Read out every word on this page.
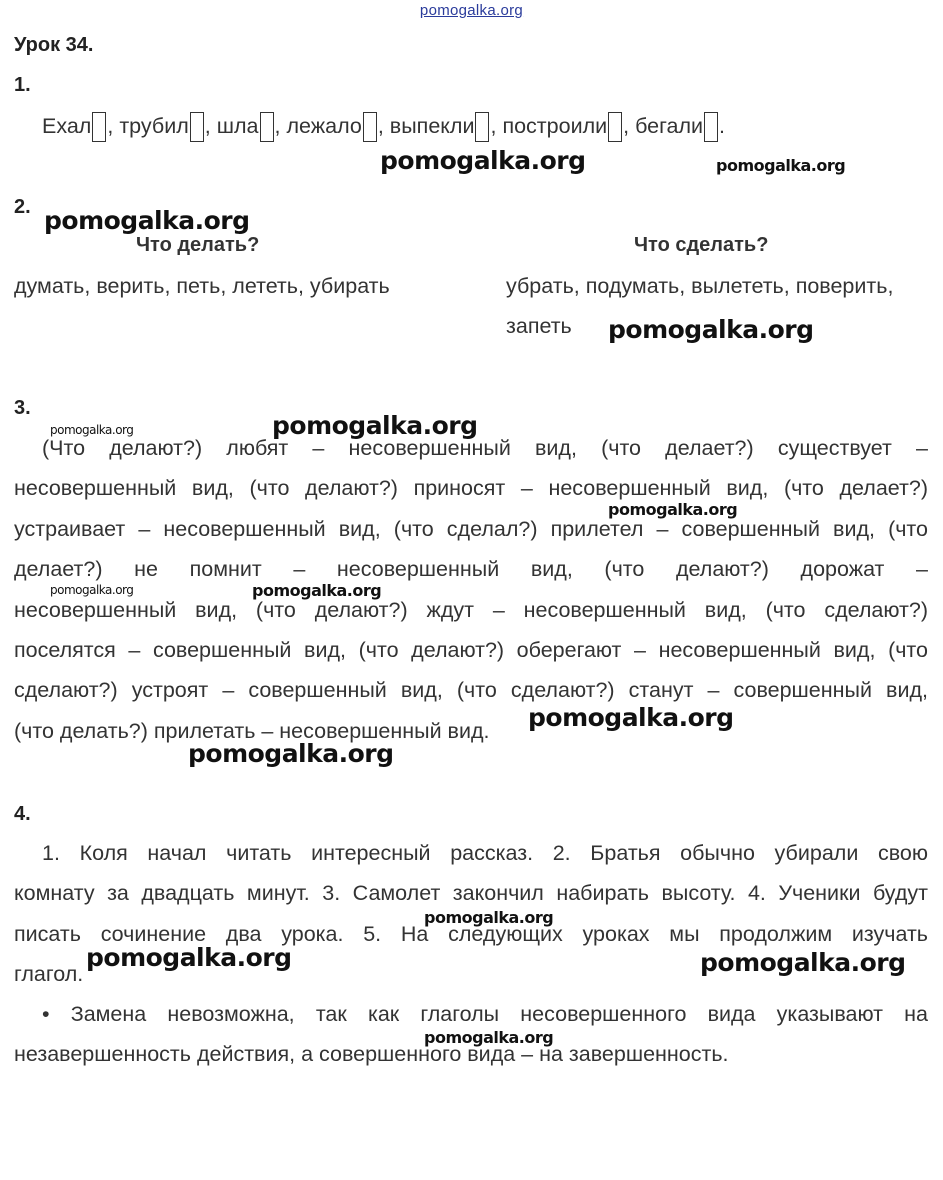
pomogalka.org
Урок 34.
1.
Ехал , трубил , шла , лежало , выпекли , построили , бегали .
2.
Что делать?	Что сделать?
думать, верить, петь, лететь, убирать	убрать, подумать, вылететь, поверить,
запеть
3.
(Что делают?) любят – несовершенный вид, (что делает?) существует –
несовершенный вид, (что делают?) приносят – несовершенный вид, (что делает?)
устраивает – несовершенный вид, (что сделал?) прилетел – совершенный вид, (что
делает?) не помнит – несовершенный вид, (что делают?) дорожат –
несовершенный вид, (что делают?) ждут – несовершенный вид, (что сделают?)
поселятся – совершенный вид, (что делают?) оберегают – несовершенный вид, (что
сделают?) устроят – совершенный вид, (что сделают?) станут – совершенный вид,
(что делать?) прилетать – несовершенный вид.
4.
1. Коля начал читать интересный рассказ. 2. Братья обычно убирали свою
комнату за двадцать минут. 3. Самолет закончил набирать высоту. 4. Ученики будут
писать сочинение два урока. 5. На следующих уроках мы продолжим изучать
глагол.
• Замена невозможна, так как глаголы несовершенного вида указывают на
незавершенность действия, а совершенного вида – на завершенность.
pomogalka.org	pomogalka.org
pomogalka.org
pomogalka.org
pomogalka.org	pomogalka.org
pomogalka.org
pomogalka.org	pomogalka.org
pomogalka.org
pomogalka.org
pomogalka.org
pomogalka.org	pomogalka.org
pomogalka.org
